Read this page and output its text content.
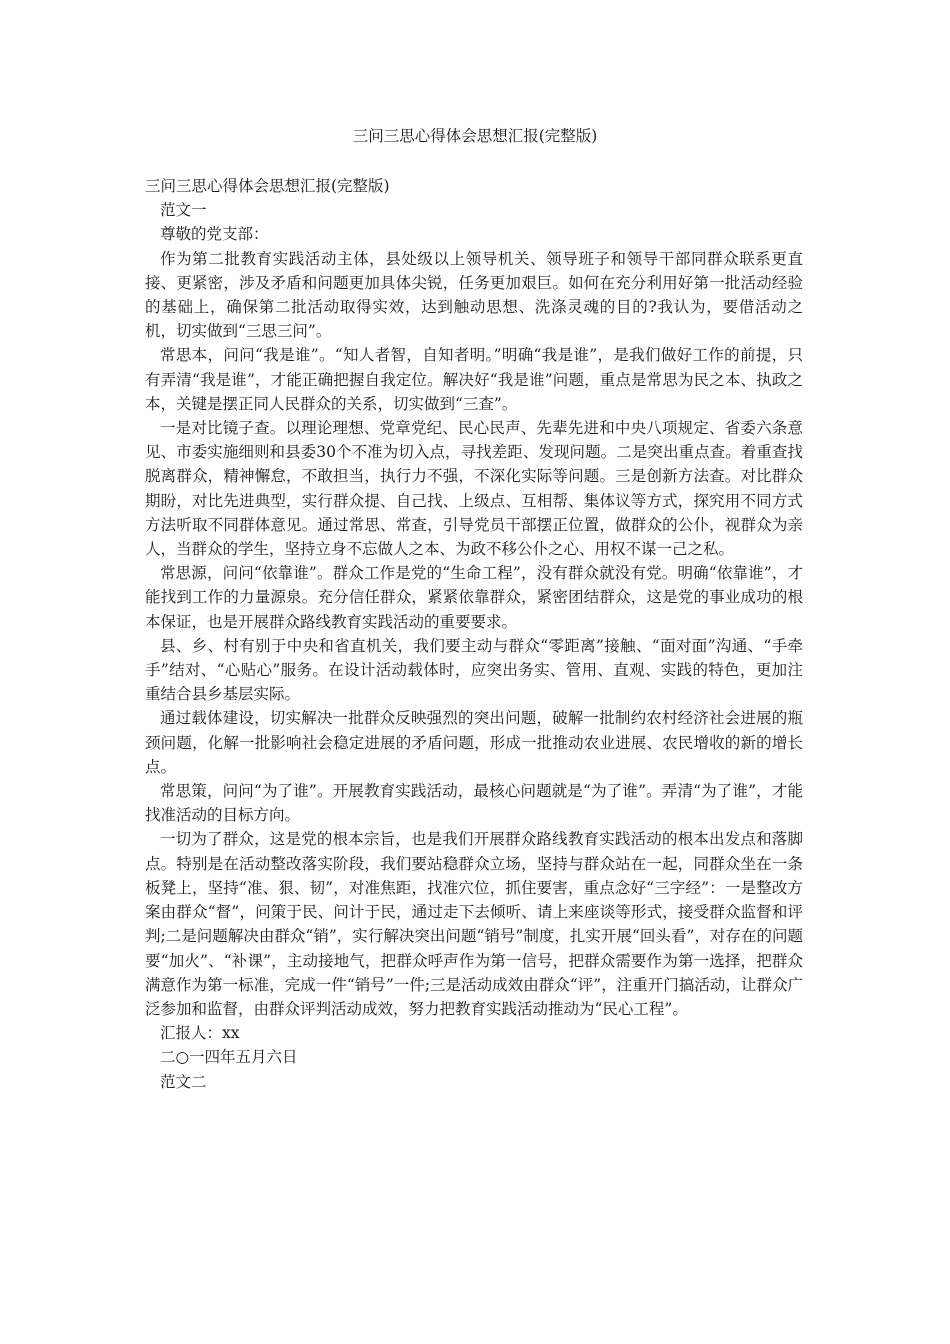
三问三思心得体会思想汇报(完整版)

三问三思心得体会思想汇报(完整版)

范文一

尊敬的党支部：

作为第二批教育实践活动主体，县处级以上领导机关、领导班子和领导干部同群众联系更直接、更紧密，涉及矛盾和问题更加具体尖锐，任务更加艰巨。如何在充分利用好第一批活动经验的基础上，确保第二批活动取得实效，达到触动思想、洗涤灵魂的目的?我认为，要借活动之机，切实做到“三思三问”。

常思本，问问“我是谁”。“知人者智，自知者明。”明确“我是谁”，是我们做好工作的前提，只有弄清“我是谁”，才能正确把握自我定位。解决好“我是谁”问题，重点是常思为民之本、执政之本，关键是摆正同人民群众的关系，切实做到“三查”。

一是对比镜子查。以理论理想、党章党纪、民心民声、先辈先进和中央八项规定、省委六条意见、市委实施细则和县委30个不准为切入点，寻找差距、发现问题。二是突出重点查。着重查找脱离群众，精神懈怠，不敢担当，执行力不强，不深化实际等问题。三是创新方法查。对比群众期盼，对比先进典型，实行群众提、自己找、上级点、互相帮、集体议等方式，探究用不同方式方法听取不同群体意见。通过常思、常查，引导党员干部摆正位置，做群众的公仆，视群众为亲人，当群众的学生，坚持立身不忘做人之本、为政不移公仆之心、用权不谋一己之私。

常思源，问问“依靠谁”。群众工作是党的“生命工程”，没有群众就没有党。明确“依靠谁”，才能找到工作的力量源泉。充分信任群众，紧紧依靠群众，紧密团结群众，这是党的事业成功的根本保证，也是开展群众路线教育实践活动的重要要求。

县、乡、村有别于中央和省直机关，我们要主动与群众“零距离”接触、“面对面”沟通、“手牵手”结对、“心贴心”服务。在设计活动载体时，应突出务实、管用、直观、实践的特色，更加注重结合县乡基层实际。

通过载体建设，切实解决一批群众反映强烈的突出问题，破解一批制约农村经济社会进展的瓶颈问题，化解一批影响社会稳定进展的矛盾问题，形成一批推动农业进展、农民增收的新的增长点。

常思策，问问“为了谁”。开展教育实践活动，最核心问题就是“为了谁”。弄清“为了谁”，才能找准活动的目标方向。

一切为了群众，这是党的根本宗旨，也是我们开展群众路线教育实践活动的根本出发点和落脚点。特别是在活动整改落实阶段，我们要站稳群众立场，坚持与群众站在一起，同群众坐在一条板凳上，坚持“准、狠、韧”，对准焦距，找准穴位，抓住要害，重点念好“三字经”：一是整改方案由群众“督”，问策于民、问计于民，通过走下去倾听、请上来座谈等形式，接受群众监督和评判;二是问题解决由群众“销”，实行解决突出问题“销号”制度，扎实开展“回头看”，对存在的问题要“加火”、“补课”，主动接地气，把群众呼声作为第一信号，把群众需要作为第一选择，把群众满意作为第一标准，完成一件“销号”一件;三是活动成效由群众“评”，注重开门搞活动，让群众广泛参加和监督，由群众评判活动成效，努力把教育实践活动推动为“民心工程”。

汇报人：xx

二○一四年五月六日

范文二
